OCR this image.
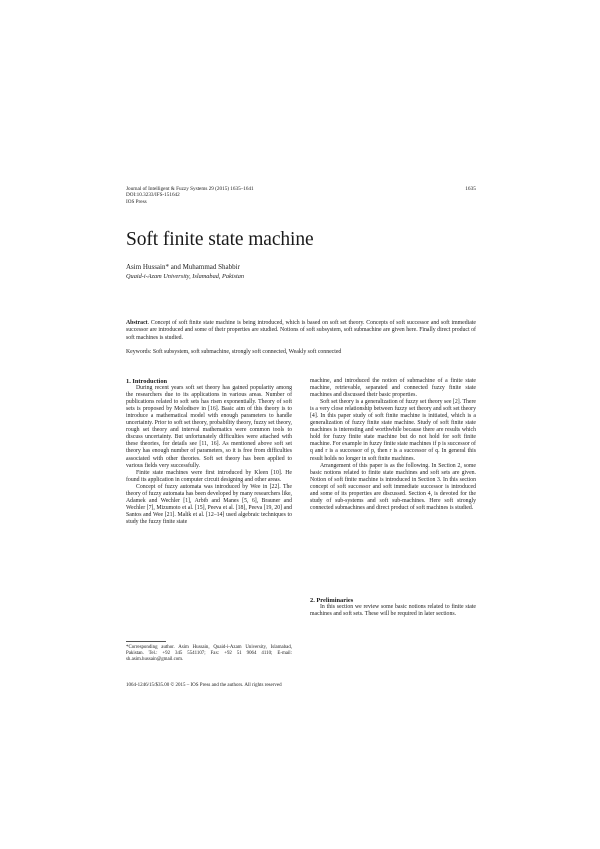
Journal of Intelligent & Fuzzy Systems 29 (2015) 1635–1641
DOI:10.3233/IFS-151642
IOS Press
1635
Soft finite state machine
Asim Hussain* and Muhammad Shabbir
Quaid-i-Azam University, Islamabad, Pakistan
Abstract. Concept of soft finite state machine is being introduced, which is based on soft set theory. Concepts of soft successor and soft immediate successor are introduced and some of their properties are studied. Notions of soft subsystem, soft submachine are given here. Finally direct product of soft machines is studied.
Keywords: Soft subsystem, soft submachine, strongly soft connected, Weakly soft connected

1. Introduction

During recent years soft set theory has gained popularity among the researchers due to its applications in various areas. Number of publications related to soft sets has risen exponentially. Theory of soft sets is proposed by Molodtsov in [16]. Basic aim of this theory is to introduce a mathematical model with enough parameters to handle uncertainty. Prior to soft set theory, probability theory, fuzzy set theory, rough set theory and interval mathematics were common tools to discuss uncertainty. But unfortunately difficulties were attached with these theories, for details see [11, 16]. As mentioned above soft set theory has enough number of parameters, so it is free from difficulties associated with other theories. Soft set theory has been applied to various fields very successfully.

Finite state machines were first introduced by Kleen [10]. He found its application in computer circuit designing and other areas.

Concept of fuzzy automata was introduced by Wee in [22]. The theory of fuzzy automata has been developed by many researchers like, Adamek and Wechler [1], Arbib and Manes [5, 6], Brauner and Wechler [7], Mizumoto et al. [15], Peeva et al. [18], Peeva [19, 20] and Santos and Wee [21]. Malik et al. [12–14] used algebraic techniques to study the fuzzy finite state

machine, and introduced the notion of submachine of a finite state machine, retrievable, separated and connected fuzzy finite state machines and discussed their basic properties.

Soft set theory is a generalization of fuzzy set theory see [2]. There is a very close relationship between fuzzy set theory and soft set theory [4]. In this paper study of soft finite machine is initiated, which is a generalization of fuzzy finite state machine. Study of soft finite state machines is interesting and worthwhile because there are results which hold for fuzzy finite state machine but do not hold for soft finite machine. For example in fuzzy finite state machines if p is successor of q and r is a successor of p, then r is a successor of q. In general this result holds no longer in soft finite machines.

Arrangement of this paper is as the following. In Section 2, some basic notions related to finite state machines and soft sets are given. Notion of soft finite machine is introduced in Section 3. In this section concept of soft successor and soft immediate successor is introduced and some of its properties are discussed. Section 4, is devoted for the study of sub-systems and soft sub-machines. Here soft strongly connected submachines and direct product of soft machines is studied.

2. Preliminaries

In this section we review some basic notions related to finite state machines and soft sets. These will be required in later sections.

*Corresponding author. Asim Hussain, Quaid-i-Azam University, Islamabad, Pakistan. Tel.: +92 345 5541107; Fax: +92 51 9064 4110; E-mail: sh.asim.hussain@gmail.com.
1064-1246/15/$35.00 © 2015 – IOS Press and the authors. All rights reserved
